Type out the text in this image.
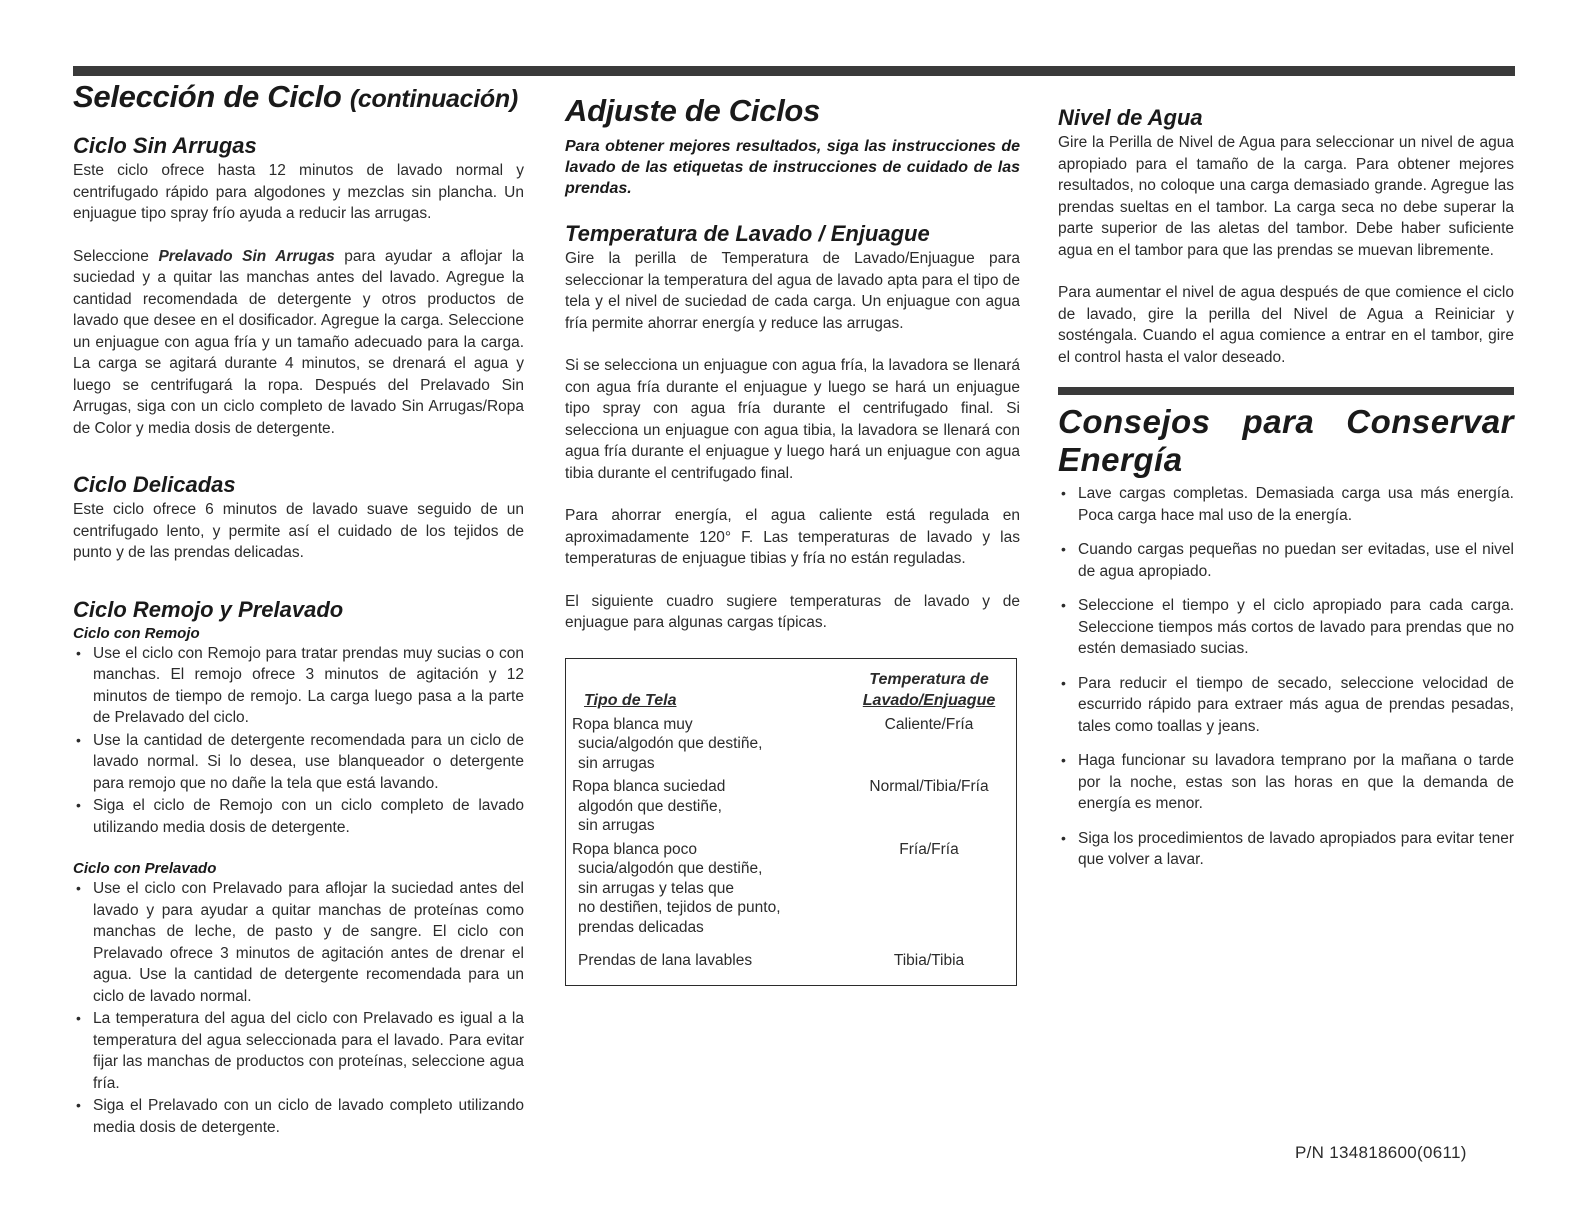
Selección de Ciclo (continuación)
Ciclo Sin Arrugas

Este ciclo ofrece hasta 12 minutos de lavado normal y centrifugado rápido para algodones y mezclas sin plancha. Un enjuague tipo spray frío ayuda a reducir las arrugas.

Seleccione Prelavado Sin Arrugas para ayudar a aflojar la suciedad y a quitar las manchas antes del lavado. Agregue la cantidad recomendada de detergente y otros productos de lavado que desee en el dosificador. Agregue la carga. Seleccione un enjuague con agua fría y un tamaño adecuado para la carga. La carga se agitará durante 4 minutos, se drenará el agua y luego se centrifugará la ropa. Después del Prelavado Sin Arrugas, siga con un ciclo completo de lavado Sin Arrugas/Ropa de Color y media dosis de detergente.

Ciclo Delicadas

Este ciclo ofrece 6 minutos de lavado suave seguido de un centrifugado lento, y permite así el cuidado de los tejidos de punto y de las prendas delicadas.

Ciclo Remojo y Prelavado
Ciclo con Remojo
• Use el ciclo con Remojo para tratar prendas muy sucias o con manchas. El remojo ofrece 3 minutos de agitación y 12 minutos de tiempo de remojo. La carga luego pasa a la parte de Prelavado del ciclo.
• Use la cantidad de detergente recomendada para un ciclo de lavado normal. Si lo desea, use blanqueador o detergente para remojo que no dañe la tela que está lavando.
• Siga el ciclo de Remojo con un ciclo completo de lavado utilizando media dosis de detergente.
Ciclo con Prelavado
• Use el ciclo con Prelavado para aflojar la suciedad antes del lavado y para ayudar a quitar manchas de proteínas como manchas de leche, de pasto y de sangre. El ciclo con Prelavado ofrece 3 minutos de agitación antes de drenar el agua. Use la cantidad de detergente recomendada para un ciclo de lavado normal.
• La temperatura del agua del ciclo con Prelavado es igual a la temperatura del agua seleccionada para el lavado. Para evitar fijar las manchas de productos con proteínas, seleccione agua fría.
• Siga el Prelavado con un ciclo de lavado completo utilizando media dosis de detergente.
Adjuste de Ciclos

Para obtener mejores resultados, siga las instrucciones de lavado de las etiquetas de instrucciones de cuidado de las prendas.

Temperatura de Lavado / Enjuague

Gire la perilla de Temperatura de Lavado/Enjuague para seleccionar la temperatura del agua de lavado apta para el tipo de tela y el nivel de suciedad de cada carga. Un enjuague con agua fría permite ahorrar energía y reduce las arrugas.

Si se selecciona un enjuague con agua fría, la lavadora se llenará con agua fría durante el enjuague y luego se hará un enjuague tipo spray con agua fría durante el centrifugado final. Si selecciona un enjuague con agua tibia, la lavadora se llenará con agua fría durante el enjuague y luego hará un enjuague con agua tibia durante el centrifugado final.

Para ahorrar energía, el agua caliente está regulada en aproximadamente 120° F. Las temperaturas de lavado y las temperaturas de enjuague tibias y fría no están reguladas.

El siguiente cuadro sugiere temperaturas de lavado y de enjuague para algunas cargas típicas.

Tipo de Tela	Temperatura de
Lavado/Enjuague
Ropa blanca muy
sucia/algodón que destiñe,
sin arrugas	Caliente/Fría
Ropa blanca suciedad
algodón que destiñe,
sin arrugas	Normal/Tibia/Fría
Ropa blanca poco
sucia/algodón que destiñe,
sin arrugas y telas que
no destiñen, tejidos de punto,
prendas delicadas	Fría/Fría

Prendas de lana lavables	Tibia/Tibia
Nivel de Agua

Gire la Perilla de Nivel de Agua para seleccionar un nivel de agua apropiado para el tamaño de la carga. Para obtener mejores resultados, no coloque una carga demasiado grande. Agregue las prendas sueltas en el tambor. La carga seca no debe superar la parte superior de las aletas del tambor. Debe haber suficiente agua en el tambor para que las prendas se muevan libremente.

Para aumentar el nivel de agua después de que comience el ciclo de lavado, gire la perilla del Nivel de Agua a Reiniciar y sosténgala. Cuando el agua comience a entrar en el tambor, gire el control hasta el valor deseado.

Consejos para Conservar
Energía
• Lave cargas completas. Demasiada carga usa más energía. Poca carga hace mal uso de la energía.
• Cuando cargas pequeñas no puedan ser evitadas, use el nivel de agua apropiado.
• Seleccione el tiempo y el ciclo apropiado para cada carga. Seleccione tiempos más cortos de lavado para prendas que no estén demasiado sucias.
• Para reducir el tiempo de secado, seleccione velocidad de escurrido rápido para extraer más agua de prendas pesadas, tales como toallas y jeans.
• Haga funcionar su lavadora temprano por la mañana o tarde por la noche, estas son las horas en que la demanda de energía es menor.
• Siga los procedimientos de lavado apropiados para evitar tener que volver a lavar.
P/N 134818600(0611)
